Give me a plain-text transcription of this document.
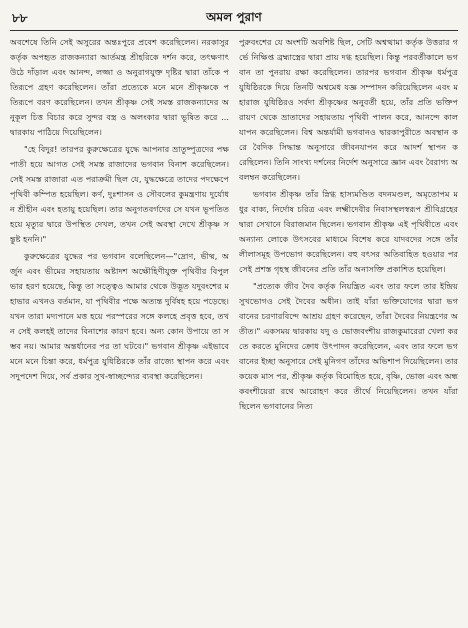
৮৮	অমল পুরাণ

অবশেষে তিনি সেই অসুরের অন্তঃপুরে প্রবেশ করেছিলেন। নরকাসুর কর্তৃক অপহৃত রাজকন্যারা আর্তমন্ত্র শ্রীহরিকে দর্শন করে, তৎক্ষণাৎ উঠে দাঁড়াল এবং আনন্দ, লজ্জা ও অনুরাগযুক্ত দৃষ্টির দ্বারা তাঁকে পতিরূপে গ্রহণ করেছিলেন। তাঁরা প্রত্যেকে মনে মনে শ্রীকৃষ্ণকে পতিরূপে বরণ করেছিলেন। তখন শ্রীকৃষ্ণ সেই সমস্ত রাজকন্যাদের অনুকূল চিত্ত বিচার করে সুন্দর বস্ত্র ও অলংকার দ্বারা ভূষিত করে ... দ্বারকায় পাঠিয়ে দিয়েছিলেন।

"হে বিদুর! তারপর কুরুক্ষেত্রের যুদ্ধে আপনার ভ্রাতুষ্পুত্রদের পক্ষপাতী হয়ে আগত সেই সমস্ত রাজাদের ভগবান বিনাশ করেছিলেন। সেই সমস্ত রাজারা এত পরাক্রমী ছিল যে, যুদ্ধক্ষেত্রে তাদের পদক্ষেপে পৃথিবী কম্পিত হয়েছিল। কর্ণ, দুঃশাসন ও সৌবলের কুমন্ত্রণায় দুর্যোধন শ্রীহীন এবং হতায়ু হয়েছিল। তার অনুগতবর্গদের সে যখন ভূপতিত হয়ে মৃত্যুর দ্বারে উপস্থিত দেখল, তখন সেই অবস্থা দেখে শ্রীকৃষ্ণ সন্তুষ্ট হননি।"

কুরুক্ষেত্রের যুদ্ধের পর ভগবান বলেছিলেন—"দ্রোণ, ভীষ্ম, অর্জুন এবং ভীমের সহায়তায় অষ্টাদশ অক্ষৌহিণীযুক্ত পৃথিবীর বিপুল ভার হরণ হয়েছে, কিন্তু তা সত্ত্বেও আমার থেকে উদ্ভূত যদুবংশের মহাভার এখনও বর্তমান, যা পৃথিবীর পক্ষে অত্যন্ত দুর্বিষহ হয়ে পড়েছে। যখন তারা মদ্যপানে মত্ত হয়ে পরস্পরের সঙ্গে কলহে প্রবৃত্ত হবে, তখন সেই কলহই তাদের বিনাশের কারণ হবে। অন্য কোন উপায়ে তা সম্ভব নয়। আমার অন্তর্ধানের পর তা ঘটবে।" ভগবান শ্রীকৃষ্ণ এইভাবে মনে মনে চিন্তা করে, ধর্মপুত্র যুধিষ্ঠিরকে তাঁর রাজ্যে স্থাপন করে এবং সদুপদেশ দিয়ে, সর্ব প্রকার সুখ-স্বাচ্ছন্দ্যের ব্যবস্থা করেছিলেন।

পুরুবংশের যে অংশটি অবশিষ্ট ছিল, সেটি অশ্বত্থামা কর্তৃক উত্তরার গর্ভে নিক্ষিপ্ত ব্রহ্মাস্ত্রের দ্বারা প্রায় দগ্ধ হয়েছিল। কিন্তু পরবর্তীকালে ভগবান তা পুনরায় রক্ষা করেছিলেন। তারপর ভগবান শ্রীকৃষ্ণ ধর্মপুত্র যুধিষ্ঠিরকে দিয়ে তিনটি অশ্বমেধ যজ্ঞ সম্পাদন করিয়েছিলেন এবং মহারাজ যুধিষ্ঠিরও সর্বদা শ্রীকৃষ্ণের অনুবর্তী হয়ে, তাঁর প্রতি ভক্তিপরায়ণ থেকে ভ্রাতাদের সহায়তায় পৃথিবী পালন করে, আনন্দে কালযাপন করেছিলেন। বিশ্ব অন্তর্যামী ভগবানও দ্বারকাপুরীতে অবস্থান করে বৈদিক সিদ্ধান্ত অনুসারে জীবনযাপন করে আদর্শ স্থাপন করেছিলেন। তিনি সাংখ্য দর্শনের নির্দেশ অনুসারে জ্ঞান এবং বৈরাগ্য অবলম্বন করেছিলেন।

ভগবান শ্রীকৃষ্ণ তাঁর স্নিগ্ধ হাস্যমণ্ডিত বদনমণ্ডল, অমৃতোপম মধুর বাক্য, নির্দোষ চরিত্র এবং লক্ষ্মীদেবীর নিবাসস্থলস্বরূপ শ্রীবিগ্রহের দ্বারা সেখানে বিরাজমান ছিলেন। ভগবান শ্রীকৃষ্ণ এই পৃথিবীতে এবং অন্যান্য লোকে উৎসবের মাধ্যমে বিশেষ করে যাদবদের সঙ্গে তাঁর লীলাসমূহ উপভোগ করেছিলেন। বহু বৎসর অতিবাহিত হওয়ার পর সেই প্রশস্ত গৃহস্থ জীবনের প্রতি তাঁর অনাসক্তি প্রকাশিত হয়েছিল।

"প্রত্যেক জীব দৈব কর্তৃক নিয়ন্ত্রিত এবং তার ফলে তার ইন্দ্রিয় সুখভোগও সেই দৈবের অধীন। তাই যাঁরা ভক্তিযোগের দ্বারা ভগবানের চরণারবিন্দে আশ্রয় গ্রহণ করেছেন, তাঁরা দৈবের নিয়ন্ত্রণের অতীত।" একসময় দ্বারকায় যদু ও ভোজবংশীয় রাজকুমারেরা খেলা করতে করতে মুনিদের ক্রোধ উৎপাদন করেছিলেন, এবং তার ফলে ভগবানের ইচ্ছা অনুসারে সেই মুনিগণ তাঁদের অভিশাপ দিয়েছিলেন। তার কয়েক মাস পর, শ্রীকৃষ্ণ কর্তৃক বিমোহিত হয়ে, বৃষ্ণি, ভোজ এবং অন্ধকবংশীয়েরা রথে আরোহণ করে তীর্থে নিয়েছিলেন। তখন যাঁরা ছিলেন ভগবানের নিত্য
